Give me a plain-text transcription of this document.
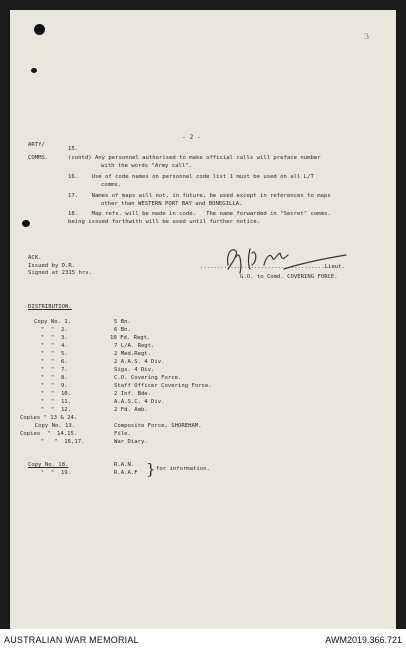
3
- 2 -
ARTY/
15.
COMMS.	(contd) Any personnel authorised to make official calls will preface number
with the words "Army call".
16.    Use of code names on personnel code list 1 must be used on all L/T
comms.
17.    Names of maps will not, in future, be used except in references to maps
other than WESTERN PORT BAY and BONEGILLA.
18.    Map refs. will be made in code.   The name forwarded in "Secret" comms.
being issued forthwith will be used until further notice.
ACK.
Issued by D.R.
Signed at 2315 hrs.
.....................................Lieut.
G.O. to Comd. COVERING FORCE.
DISTRIBUTION.
Copy No. 1.
"  "  2.
"  "  3.
"  "  4.
"  "  5.
"  "  6.
"  "  7.
"  "  8.
"  "  9.
"  "  10.
"  "  11.
"  "  12.
Copies " 13 & 24.
Copy No. 13.
Copies  "  14,15.
"   "  16,17.
5 Bn.
6 Bn.
10 Fd. Regt.
7 L/A. Regt.
2 Med.Regt.
2 A.A.S. 4 Div.
Sigs. 4 Div.
C.O. Covering Force.
Staff Officer Covering Force.
2 Inf. Bde.
A.A.S.C. 4 Div.
2 Fd. Amb.
Composite Force, SHOREHAM.
File.
War Diary.
Copy No. 18.
"  "  19.
R.A.N.
R.A.A.F } for information.
AUSTRALIAN WAR MEMORIAL	AWM2019.366.721
